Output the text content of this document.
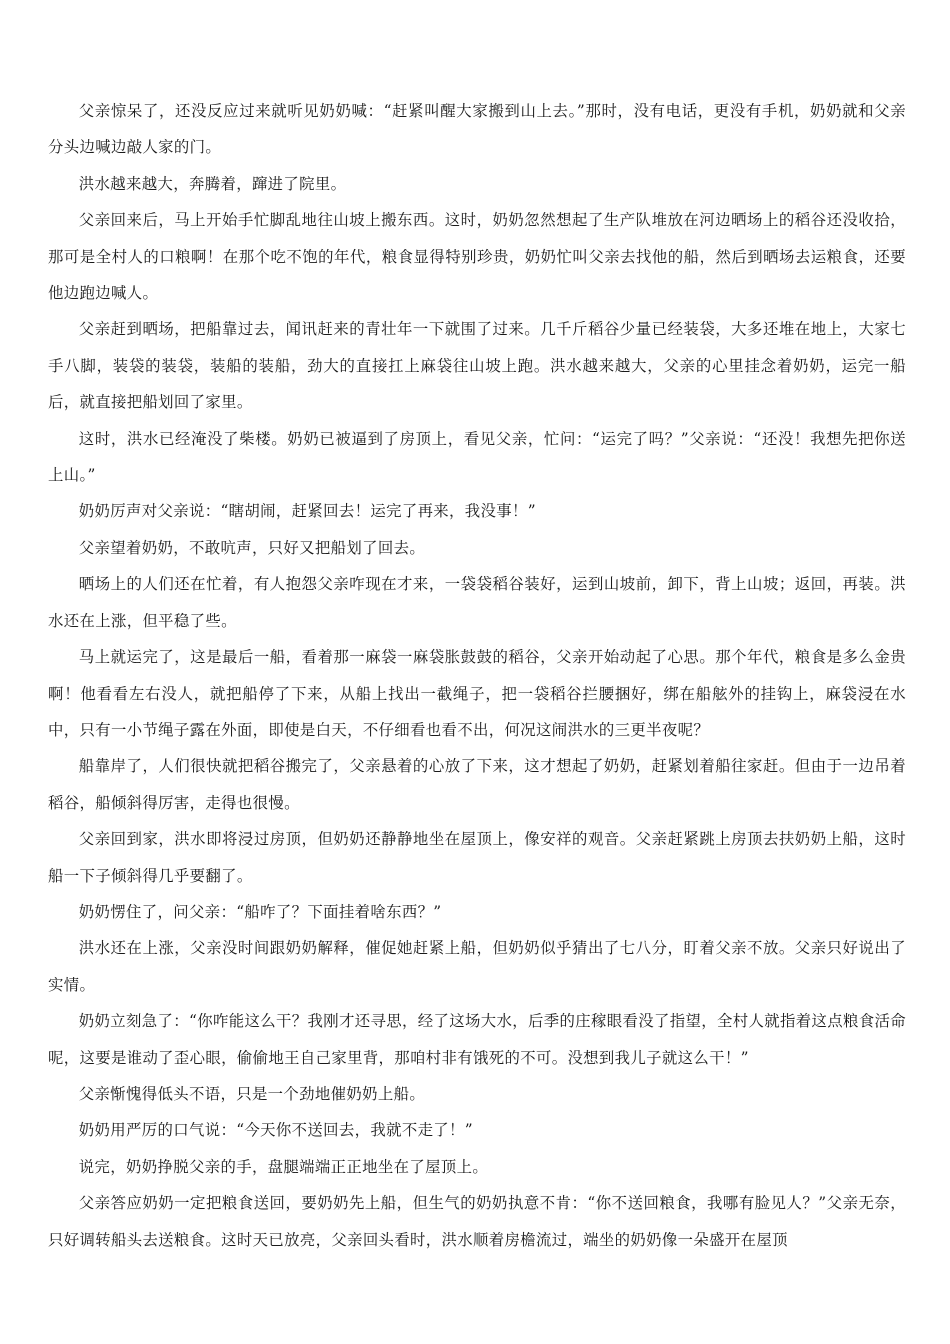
父亲惊呆了，还没反应过来就听见奶奶喊：“赶紧叫醒大家搬到山上去。”那时，没有电话，更没有手机，奶奶就和父亲分头边喊边敲人家的门。

洪水越来越大，奔腾着，蹿进了院里。

父亲回来后，马上开始手忙脚乱地往山坡上搬东西。这时，奶奶忽然想起了生产队堆放在河边晒场上的稻谷还没收拾，那可是全村人的口粮啊！在那个吃不饱的年代，粮食显得特别珍贵，奶奶忙叫父亲去找他的船，然后到晒场去运粮食，还要他边跑边喊人。

父亲赶到晒场，把船靠过去，闻讯赶来的青壮年一下就围了过来。几千斤稻谷少量已经装袋，大多还堆在地上，大家七手八脚，装袋的装袋，装船的装船，劲大的直接扛上麻袋往山坡上跑。洪水越来越大，父亲的心里挂念着奶奶，运完一船后，就直接把船划回了家里。

这时，洪水已经淹没了柴楼。奶奶已被逼到了房顶上，看见父亲，忙问：“运完了吗？”父亲说：“还没！我想先把你送上山。”

奶奶厉声对父亲说：“瞎胡闹，赶紧回去！运完了再来，我没事！”

父亲望着奶奶，不敢吭声，只好又把船划了回去。

晒场上的人们还在忙着，有人抱怨父亲咋现在才来，一袋袋稻谷装好，运到山坡前，卸下，背上山坡；返回，再装。洪水还在上涨，但平稳了些。

马上就运完了，这是最后一船，看着那一麻袋一麻袋胀鼓鼓的稻谷，父亲开始动起了心思。那个年代，粮食是多么金贵啊！他看看左右没人，就把船停了下来，从船上找出一截绳子，把一袋稻谷拦腰捆好，绑在船舷外的挂钩上，麻袋浸在水中，只有一小节绳子露在外面，即使是白天，不仔细看也看不出，何况这闹洪水的三更半夜呢？

船靠岸了，人们很快就把稻谷搬完了，父亲悬着的心放了下来，这才想起了奶奶，赶紧划着船往家赶。但由于一边吊着稻谷，船倾斜得厉害，走得也很慢。

父亲回到家，洪水即将浸过房顶，但奶奶还静静地坐在屋顶上，像安祥的观音。父亲赶紧跳上房顶去扶奶奶上船，这时船一下子倾斜得几乎要翻了。

奶奶愣住了，问父亲：“船咋了？下面挂着啥东西？”

洪水还在上涨，父亲没时间跟奶奶解释，催促她赶紧上船，但奶奶似乎猜出了七八分，盯着父亲不放。父亲只好说出了实情。

奶奶立刻急了：“你咋能这么干？我刚才还寻思，经了这场大水，后季的庄稼眼看没了指望，全村人就指着这点粮食活命呢，这要是谁动了歪心眼，偷偷地王自己家里背，那咱村非有饿死的不可。没想到我儿子就这么干！”

父亲惭愧得低头不语，只是一个劲地催奶奶上船。

奶奶用严厉的口气说：“今天你不送回去，我就不走了！”

说完，奶奶挣脱父亲的手，盘腿端端正正地坐在了屋顶上。

父亲答应奶奶一定把粮食送回，要奶奶先上船，但生气的奶奶执意不肯：“你不送回粮食，我哪有脸见人？”父亲无奈，只好调转船头去送粮食。这时天已放亮，父亲回头看时，洪水顺着房檐流过，端坐的奶奶像一朵盛开在屋顶
